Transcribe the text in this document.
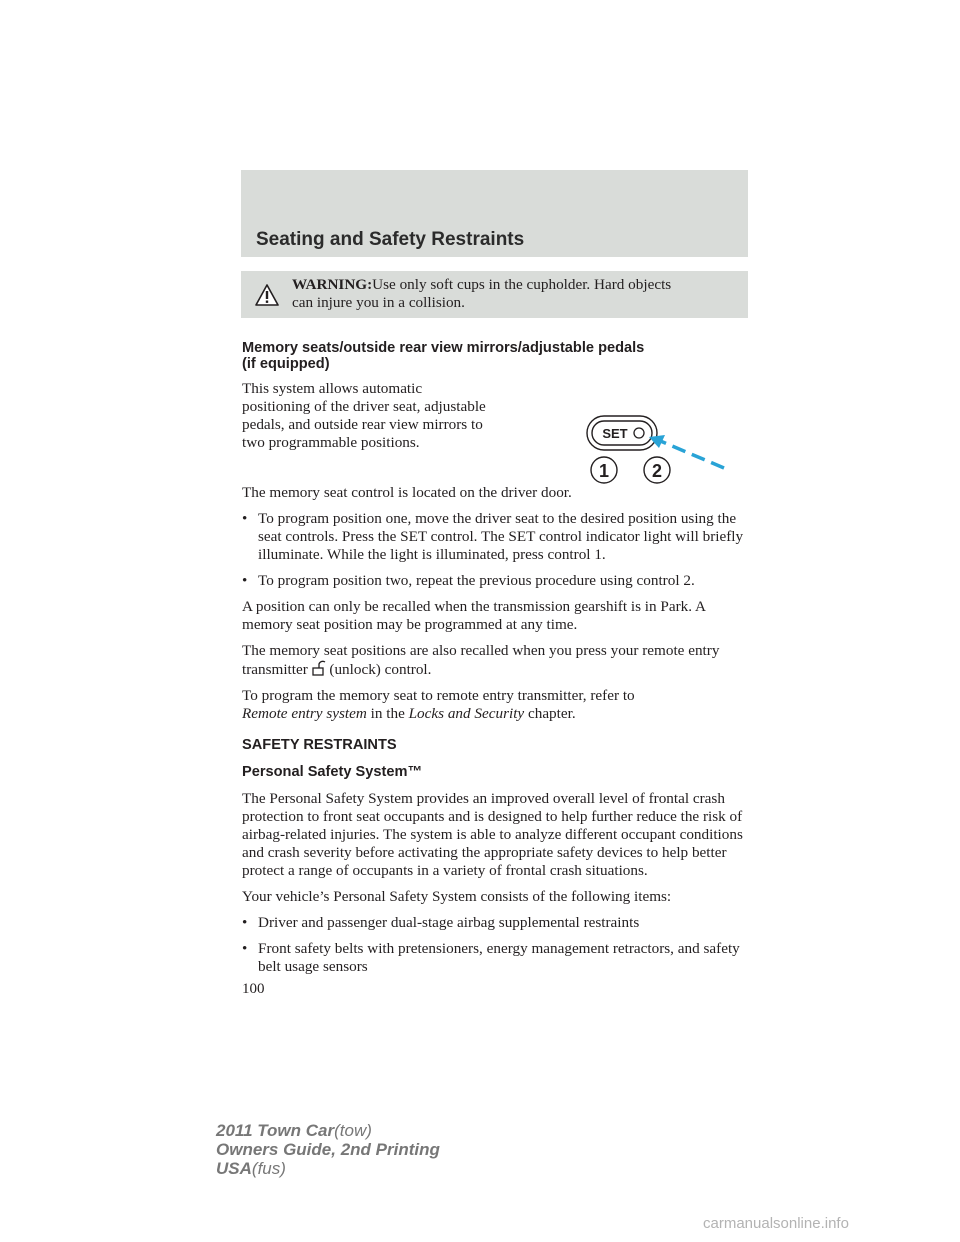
Seating and Safety Restraints
WARNING:Use only soft cups in the cupholder. Hard objects
can injure you in a collision.
Memory seats/outside rear view mirrors/adjustable pedals
(if equipped)

This system allows automatic positioning of the driver seat, adjustable pedals, and outside rear view mirrors to two programmable positions.

SET
1 2

The memory seat control is located on the driver door.

• To program position one, move the driver seat to the desired position using the seat controls. Press the SET control. The SET control indicator light will briefly illuminate. While the light is illuminated, press control 1.
• To program position two, repeat the previous procedure using control 2.

A position can only be recalled when the transmission gearshift is in Park. A memory seat position may be programmed at any time.

The memory seat positions are also recalled when you press your remote entry transmitter (unlock) control.

To program the memory seat to remote entry transmitter, refer to
Remote entry system in the Locks and Security chapter.

SAFETY RESTRAINTS
Personal Safety System™

The Personal Safety System provides an improved overall level of frontal crash protection to front seat occupants and is designed to help further reduce the risk of airbag-related injuries. The system is able to analyze different occupant conditions and crash severity before activating the appropriate safety devices to help better protect a range of occupants in a variety of frontal crash situations.

Your vehicle’s Personal Safety System consists of the following items:

• Driver and passenger dual-stage airbag supplemental restraints
• Front safety belts with pretensioners, energy management retractors, and safety belt usage sensors
100
2011 Town Car(tow)
Owners Guide, 2nd Printing
USA(fus)
carmanualsonline.info
